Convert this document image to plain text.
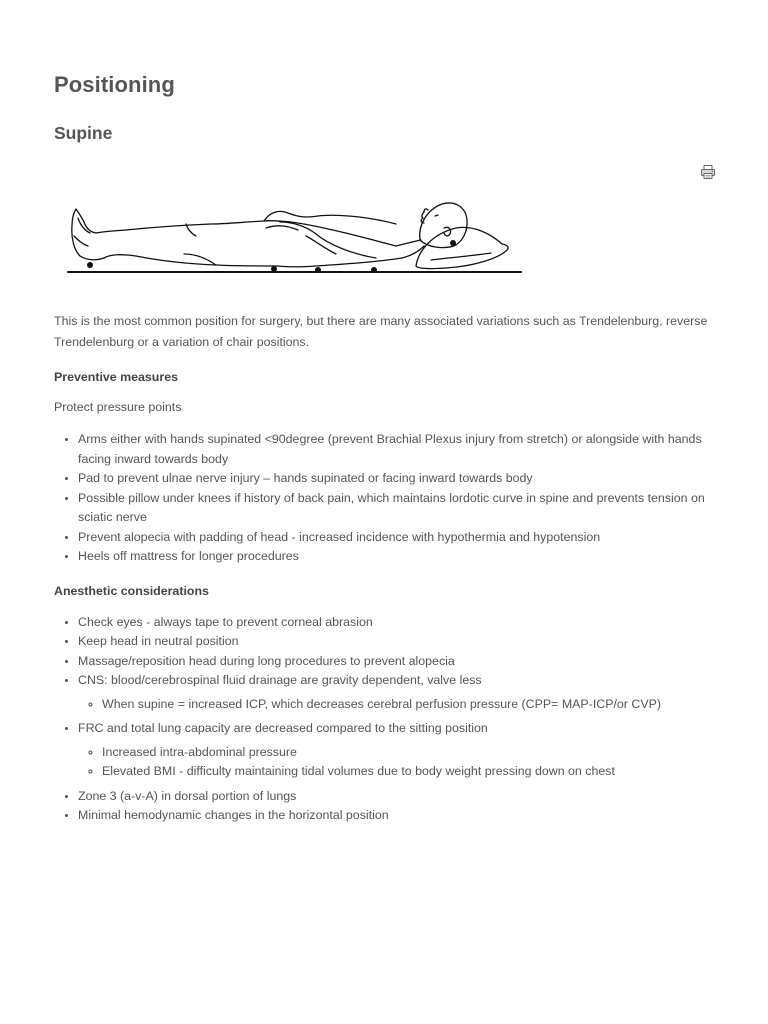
Positioning
Supine

This is the most common position for surgery, but there are many associated variations such as Trendelenburg, reverse Trendelenburg or a variation of chair positions.

Preventive measures

Protect pressure points

• Arms either with hands supinated <90degree (prevent Brachial Plexus injury from stretch) or alongside with hands facing inward towards body
• Pad to prevent ulnae nerve injury – hands supinated or facing inward towards body
• Possible pillow under knees if history of back pain, which maintains lordotic curve in spine and prevents tension on sciatic nerve
• Prevent alopecia with padding of head - increased incidence with hypothermia and hypotension
• Heels off mattress for longer procedures

Anesthetic considerations

• Check eyes - always tape to prevent corneal abrasion
• Keep head in neutral position
• Massage/reposition head during long procedures to prevent alopecia
• CNS: blood/cerebrospinal fluid drainage are gravity dependent, valve less
◦ When supine = increased ICP, which decreases cerebral perfusion pressure (CPP= MAP-ICP/or CVP)
• FRC and total lung capacity are decreased compared to the sitting position
◦ Increased intra-abdominal pressure
◦ Elevated BMI - difficulty maintaining tidal volumes due to body weight pressing down on chest
• Zone 3 (a-v-A) in dorsal portion of lungs
• Minimal hemodynamic changes in the horizontal position
